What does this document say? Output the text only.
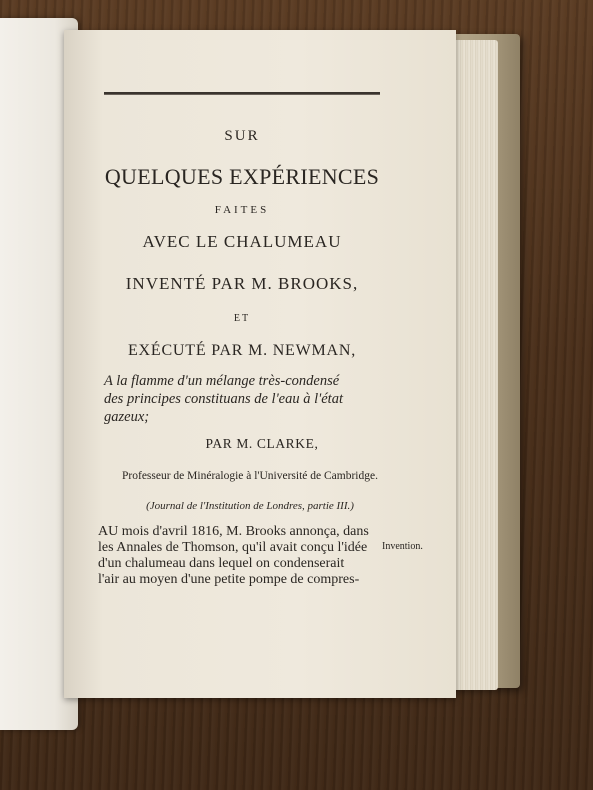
SUR
QUELQUES EXPÉRIENCES
FAITES
AVEC LE CHALUMEAU
INVENTÉ PAR M. BROOKS,
ET
EXÉCUTÉ PAR M. NEWMAN,
A la flamme d'un mélange très-condensé
des principes constituans de l'eau à l'état
gazeux;
PAR M. CLARKE,
Professeur de Minéralogie à l'Université de Cambridge.
(Journal de l'Institution de Londres, partie III.)
AU mois d'avril 1816, M. Brooks annonça, dans
les Annales de Thomson, qu'il avait conçu l'idée
d'un chalumeau dans lequel on condenserait
l'air au moyen d'une petite pompe de compres-
Invention.
